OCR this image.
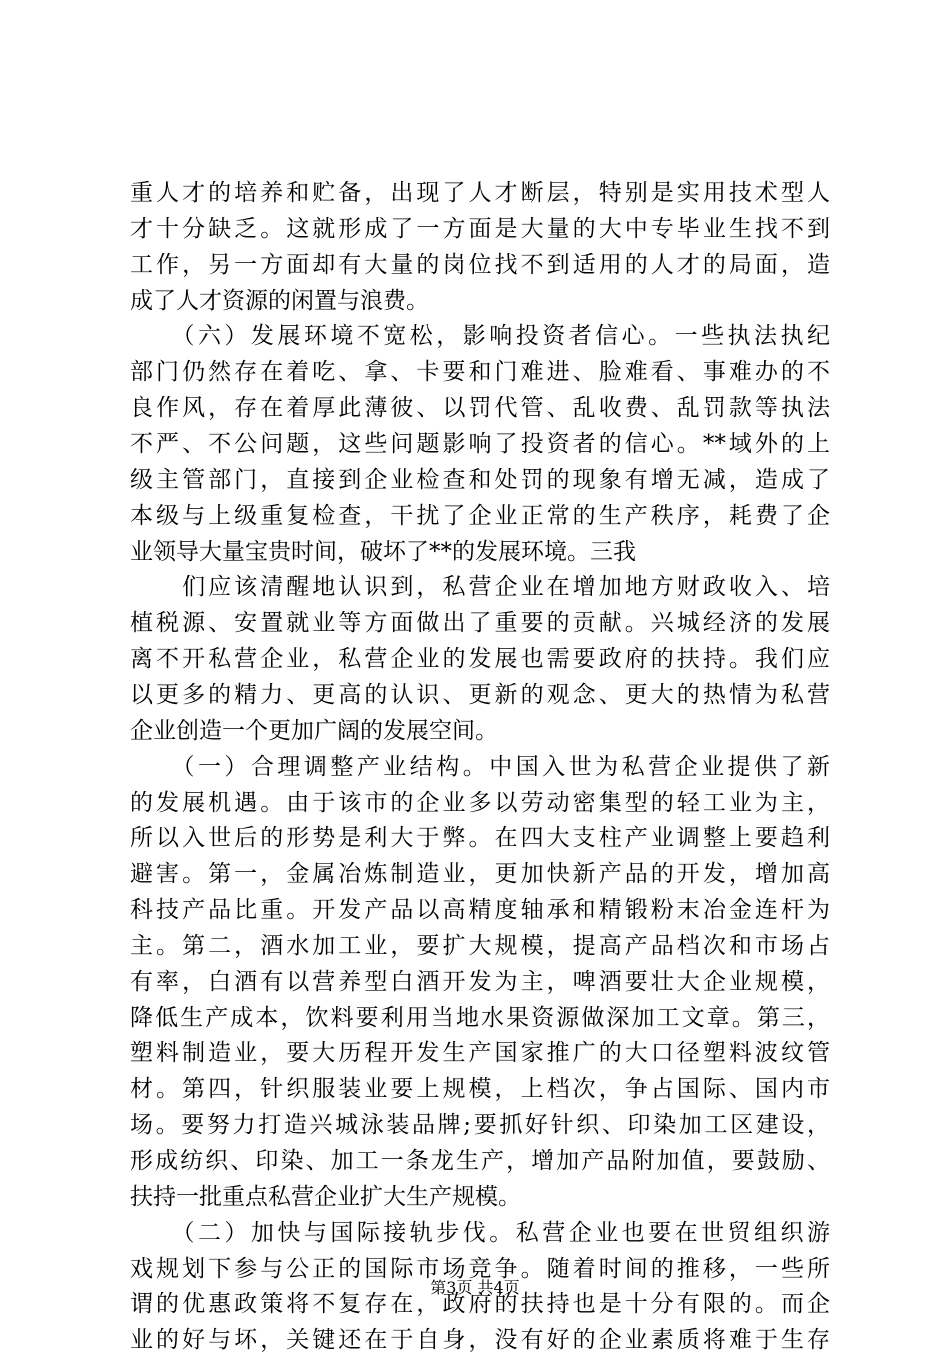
重人才的培养和贮备，出现了人才断层，特别是实用技术型人
才十分缺乏。这就形成了一方面是大量的大中专毕业生找不到
工作，另一方面却有大量的岗位找不到适用的人才的局面，造
成了人才资源的闲置与浪费。
　　（六）发展环境不宽松，影响投资者信心。一些执法执纪
部门仍然存在着吃、拿、卡要和门难进、脸难看、事难办的不
良作风，存在着厚此薄彼、以罚代管、乱收费、乱罚款等执法
不严、不公问题，这些问题影响了投资者的信心。**域外的上
级主管部门，直接到企业检查和处罚的现象有增无减，造成了
本级与上级重复检查，干扰了企业正常的生产秩序，耗费了企
业领导大量宝贵时间，破坏了**的发展环境。三我
　　们应该清醒地认识到，私营企业在增加地方财政收入、培
植税源、安置就业等方面做出了重要的贡献。兴城经济的发展
离不开私营企业，私营企业的发展也需要政府的扶持。我们应
以更多的精力、更高的认识、更新的观念、更大的热情为私营
企业创造一个更加广阔的发展空间。
　　（一）合理调整产业结构。中国入世为私营企业提供了新
的发展机遇。由于该市的企业多以劳动密集型的轻工业为主，
所以入世后的形势是利大于弊。在四大支柱产业调整上要趋利
避害。第一，金属冶炼制造业，更加快新产品的开发，增加高
科技产品比重。开发产品以高精度轴承和精锻粉末冶金连杆为
主。第二，酒水加工业，要扩大规模，提高产品档次和市场占
有率，白酒有以营养型白酒开发为主，啤酒要壮大企业规模，
降低生产成本，饮料要利用当地水果资源做深加工文章。第三，
塑料制造业，要大历程开发生产国家推广的大口径塑料波纹管
材。第四，针织服装业要上规模，上档次，争占国际、国内市
场。要努力打造兴城泳装品牌;要抓好针织、印染加工区建设，
形成纺织、印染、加工一条龙生产，增加产品附加值，要鼓励、
扶持一批重点私营企业扩大生产规模。
　　（二）加快与国际接轨步伐。私营企业也要在世贸组织游
戏规划下参与公正的国际市场竞争。随着时间的推移，一些所
谓的优惠政策将不复存在，政府的扶持也是十分有限的。而企
业的好与坏，关键还在于自身，没有好的企业素质将难于生存
第3页 共4页
